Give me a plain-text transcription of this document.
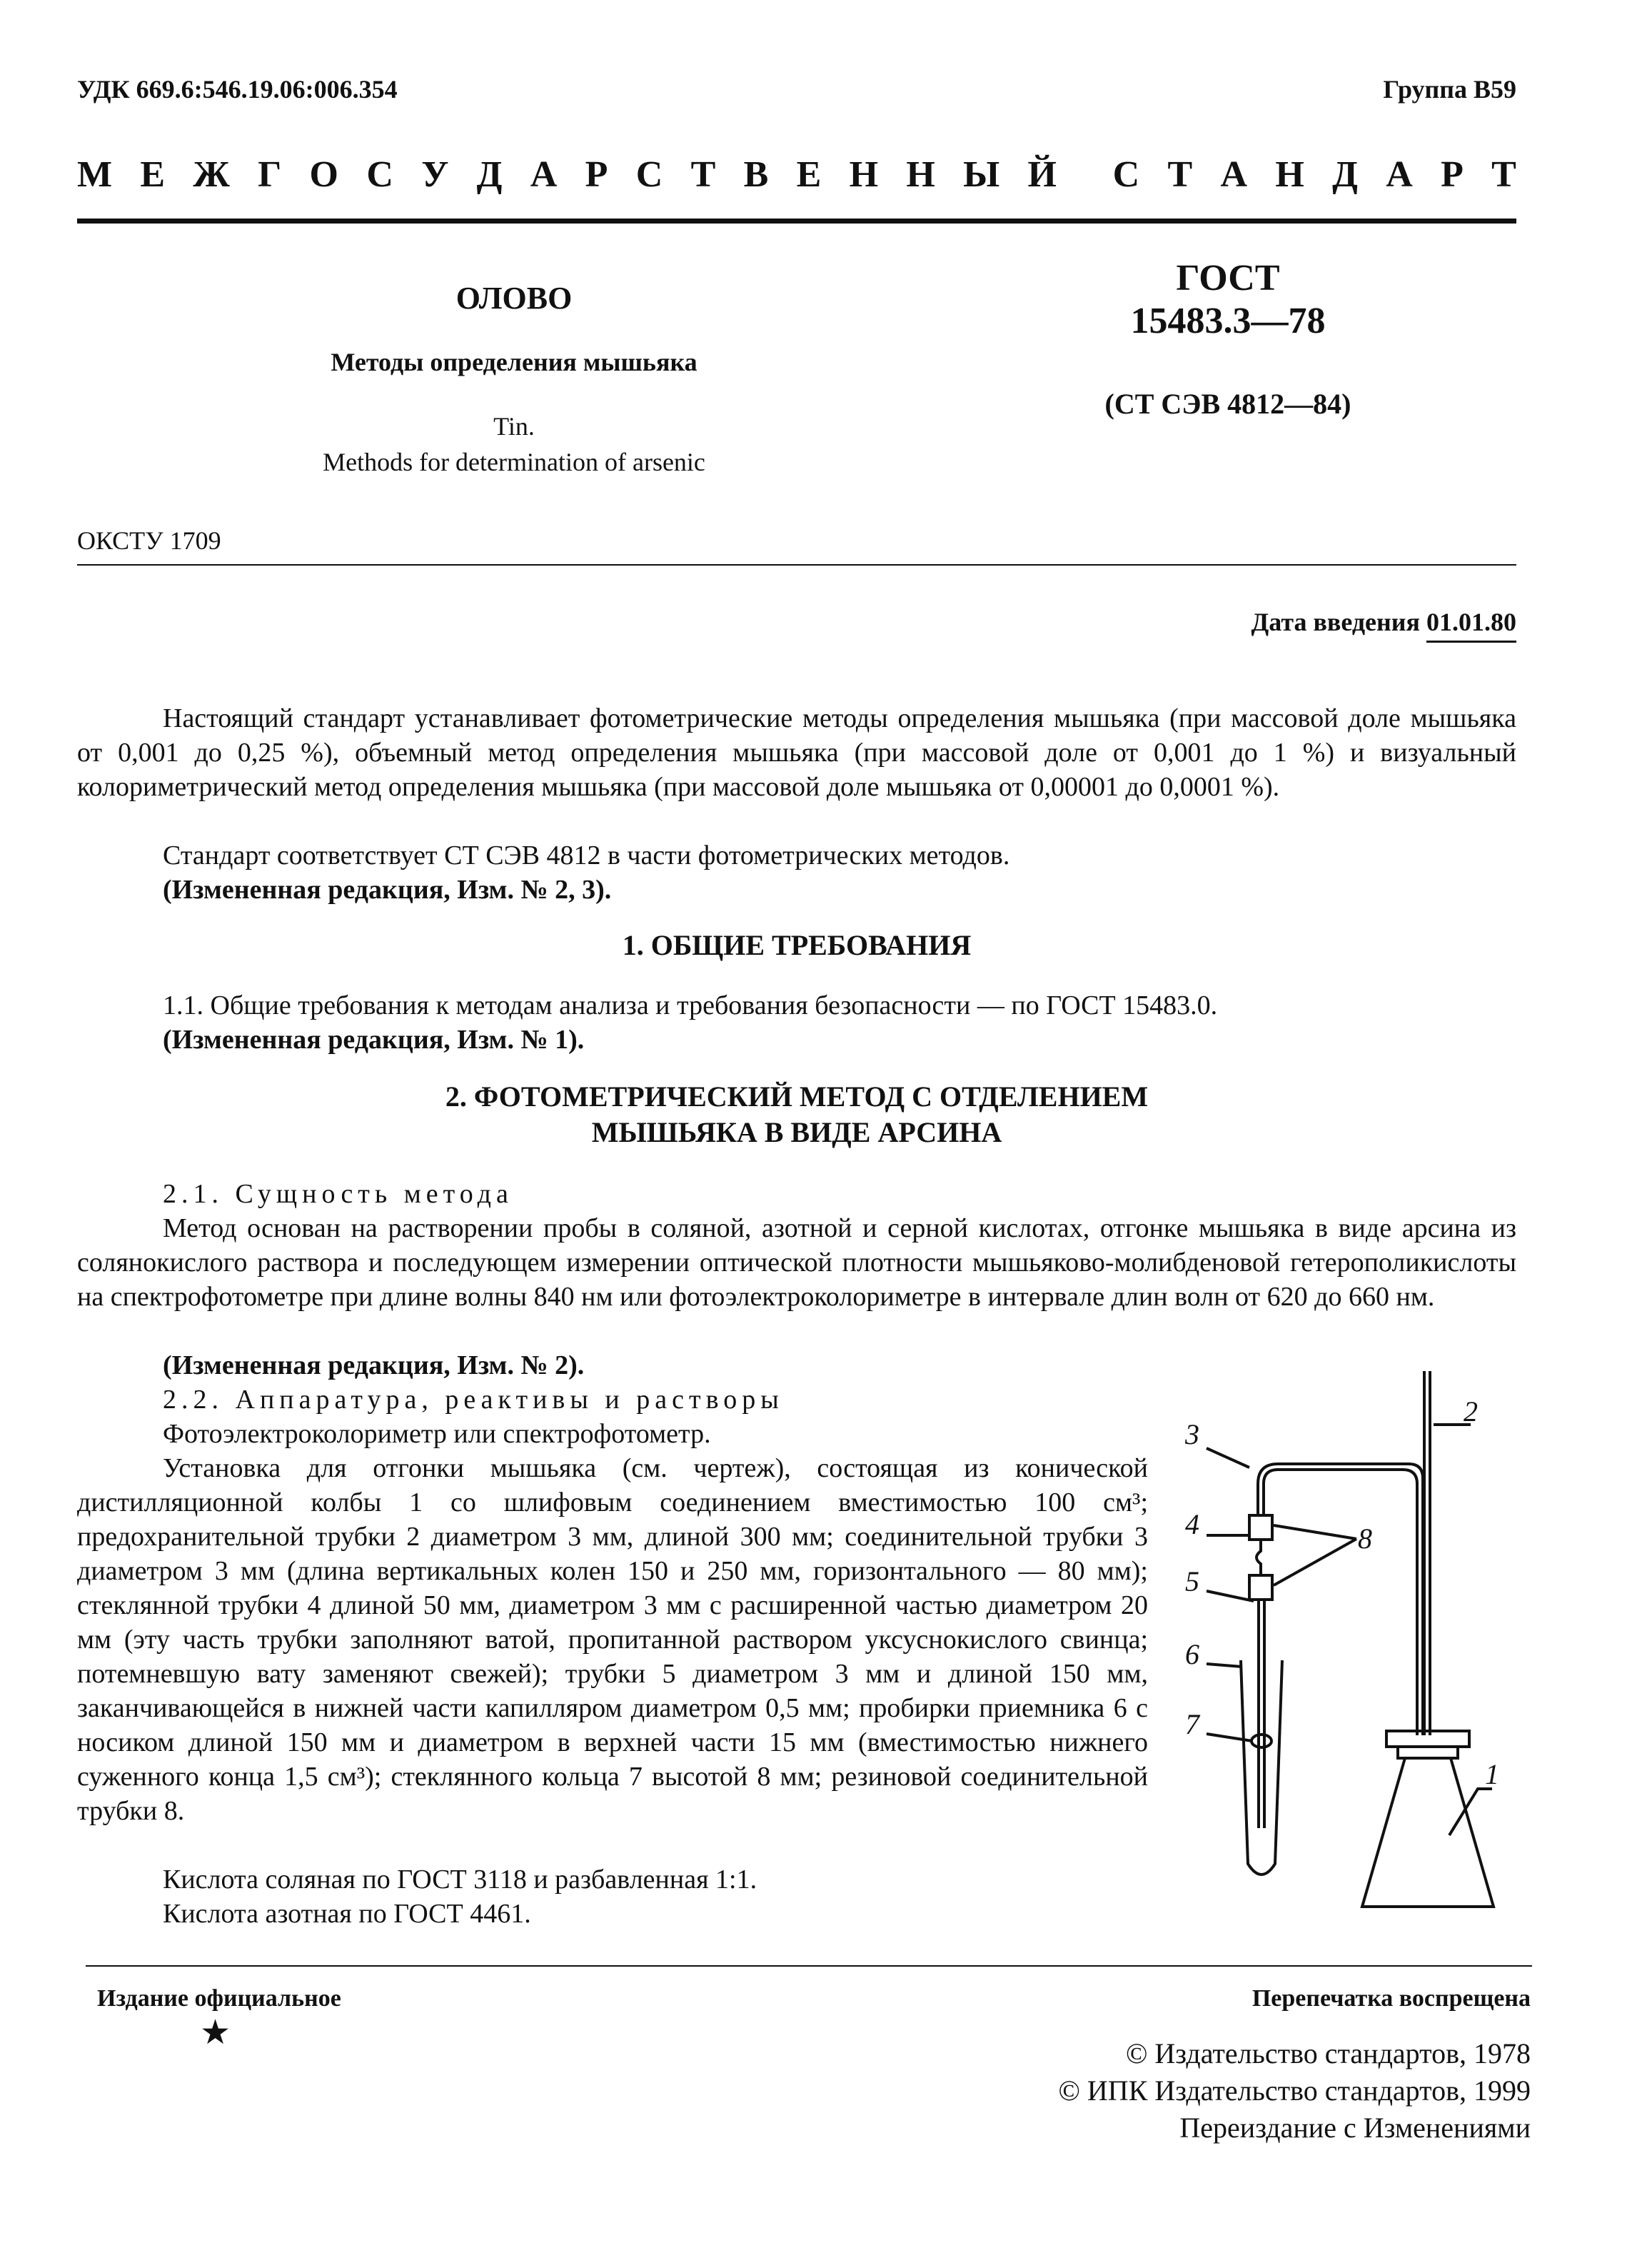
УДК 669.6:546.19.06:006.354	Группа В59
М Е Ж Г О С У Д А Р С Т В Е Н Н Ы Й С Т А Н Д А Р Т
ОЛОВО
Методы определения мышьяка
Tin.
Methods for determination of arsenic
ГОСТ
15483.3—78
(СТ СЭВ 4812—84)
ОКСТУ 1709
Дата введения 01.01.80
Настоящий стандарт устанавливает фотометрические методы определения мышьяка (при массовой доле мышьяка от 0,001 до 0,25 %), объемный метод определения мышьяка (при массовой доле от 0,001 до 1 %) и визуальный колориметрический метод определения мышьяка (при массовой доле мышьяка от 0,00001 до 0,0001 %).
Стандарт соответствует СТ СЭВ 4812 в части фотометрических методов.
(Измененная редакция, Изм. № 2, 3).
1. ОБЩИЕ ТРЕБОВАНИЯ
1.1. Общие требования к методам анализа и требования безопасности — по ГОСТ 15483.0.
(Измененная редакция, Изм. № 1).
2. ФОТОМЕТРИЧЕСКИЙ МЕТОД С ОТДЕЛЕНИЕМ
МЫШЬЯКА В ВИДЕ АРСИНА
2.1. Сущность метода
Метод основан на растворении пробы в соляной, азотной и серной кислотах, отгонке мышьяка в виде арсина из солянокислого раствора и последующем измерении оптической плотности мышьяково-молибденовой гетерополикислоты на спектрофотометре при длине волны 840 нм или фотоэлектроколориметре в интервале длин волн от 620 до 660 нм.
(Измененная редакция, Изм. № 2).
2.2. Аппаратура, реактивы и растворы
Фотоэлектроколориметр или спектрофотометр.
Установка для отгонки мышьяка (см. чертеж), состоящая из конической дистилляционной колбы 1 со шлифовым соединением вместимостью 100 см³; предохранительной трубки 2 диаметром 3 мм, длиной 300 мм; соединительной трубки 3 диаметром 3 мм (длина вертикальных колен 150 и 250 мм, горизонтального — 80 мм); стеклянной трубки 4 длиной 50 мм, диаметром 3 мм с расширенной частью диаметром 20 мм (эту часть трубки заполняют ватой, пропитанной раствором уксуснокислого свинца; потемневшую вату заменяют свежей); трубки 5 диаметром 3 мм и длиной 150 мм, заканчивающейся в нижней части капилляром диаметром 0,5 мм; пробирки приемника 6 с носиком длиной 150 мм и диаметром в верхней части 15 мм (вместимостью нижнего суженного конца 1,5 см³); стеклянного кольца 7 высотой 8 мм; резиновой соединительной трубки 8.
Кислота соляная по ГОСТ 3118 и разбавленная 1:1.
Кислота азотная по ГОСТ 4461.
2
3
4
5
6
7
8
1
Издание официальное
★
Перепечатка воспрещена
© Издательство стандартов, 1978
© ИПК Издательство стандартов, 1999
Переиздание с Изменениями
